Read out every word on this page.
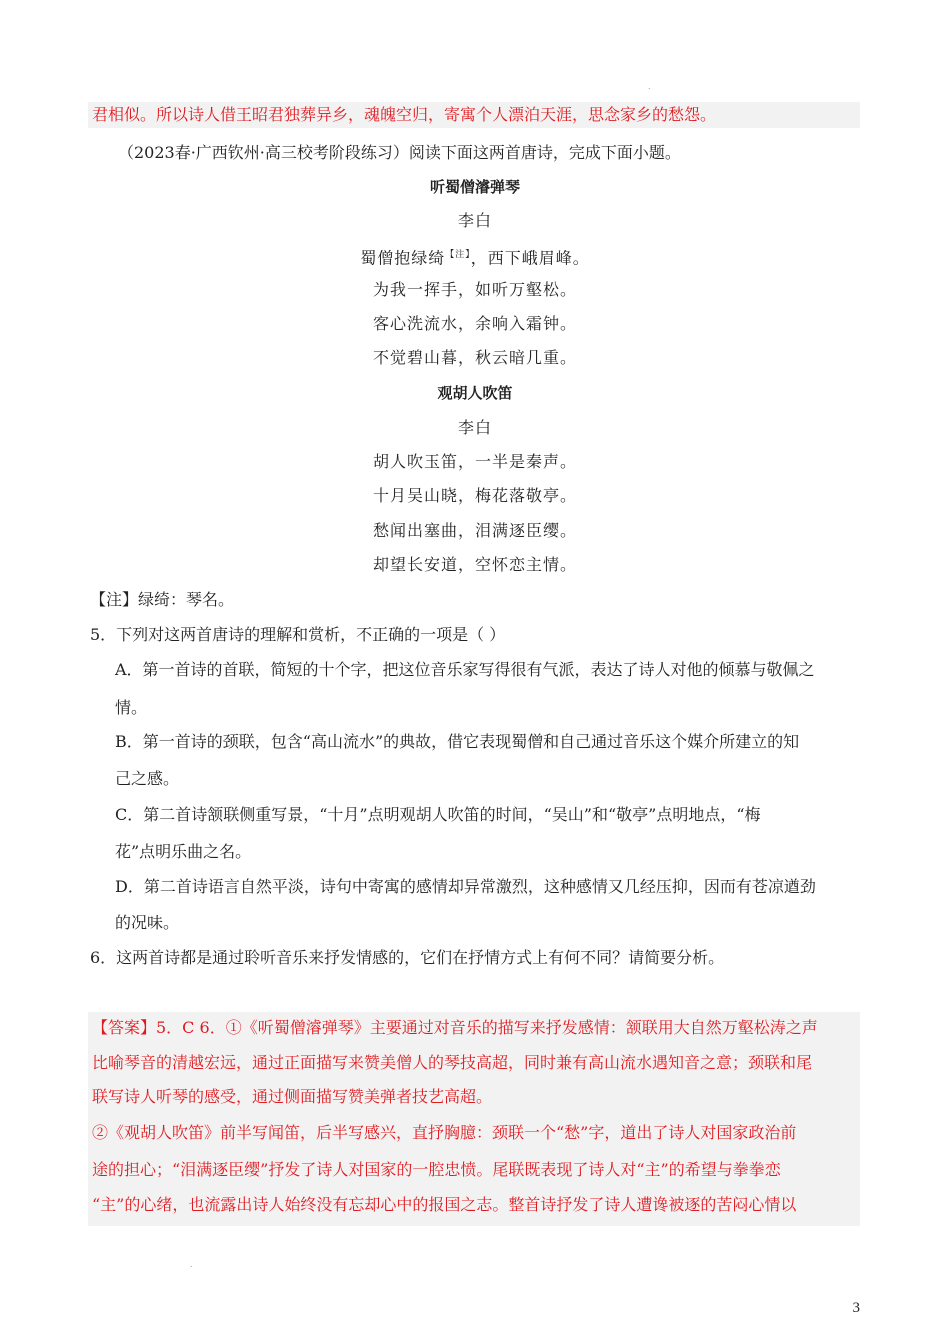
.
君相似。所以诗人借王昭君独葬异乡，魂魄空归，寄寓个人漂泊天涯，思念家乡的愁怨。
（2023春·广西钦州·高三校考阶段练习）阅读下面这两首唐诗，完成下面小题。
听蜀僧濬弹琴
李白
蜀僧抱绿绮$^{【注】}$，西下峨眉峰。
为我一挥手，如听万壑松。
客心洗流水，余响入霜钟。
不觉碧山暮，秋云暗几重。
观胡人吹笛
李白
胡人吹玉笛，一半是秦声。
十月吴山晓，梅花落敬亭。
愁闻出塞曲，泪满逐臣缨。
却望长安道，空怀恋主情。
【注】绿绮：琴名。
5．下列对这两首唐诗的理解和赏析，不正确的一项是（ ）
A．第一首诗的首联，简短的十个字，把这位音乐家写得很有气派，表达了诗人对他的倾慕与敬佩之
情。
B．第一首诗的颈联，包含“高山流水”的典故，借它表现蜀僧和自己通过音乐这个媒介所建立的知
己之感。
C．第二首诗颔联侧重写景，“十月”点明观胡人吹笛的时间，“吴山”和“敬亭”点明地点，“梅
花”点明乐曲之名。
D．第二首诗语言自然平淡，诗句中寄寓的感情却异常激烈，这种感情又几经压抑，因而有苍凉遒劲
的况味。
6．这两首诗都是通过聆听音乐来抒发情感的，它们在抒情方式上有何不同？请简要分析。
【答案】5．C 6．①《听蜀僧濬弹琴》主要通过对音乐的描写来抒发感情：颔联用大自然万壑松涛之声
比喻琴音的清越宏远，通过正面描写来赞美僧人的琴技高超，同时兼有高山流水遇知音之意；颈联和尾
联写诗人听琴的感受，通过侧面描写赞美弹者技艺高超。
②《观胡人吹笛》前半写闻笛，后半写感兴，直抒胸臆：颈联一个“愁”字，道出了诗人对国家政治前
途的担心；“泪满逐臣缨”抒发了诗人对国家的一腔忠愤。尾联既表现了诗人对“主”的希望与拳拳恋
“主”的心绪，也流露出诗人始终没有忘却心中的报国之志。整首诗抒发了诗人遭谗被逐的苦闷心情以
.
3
